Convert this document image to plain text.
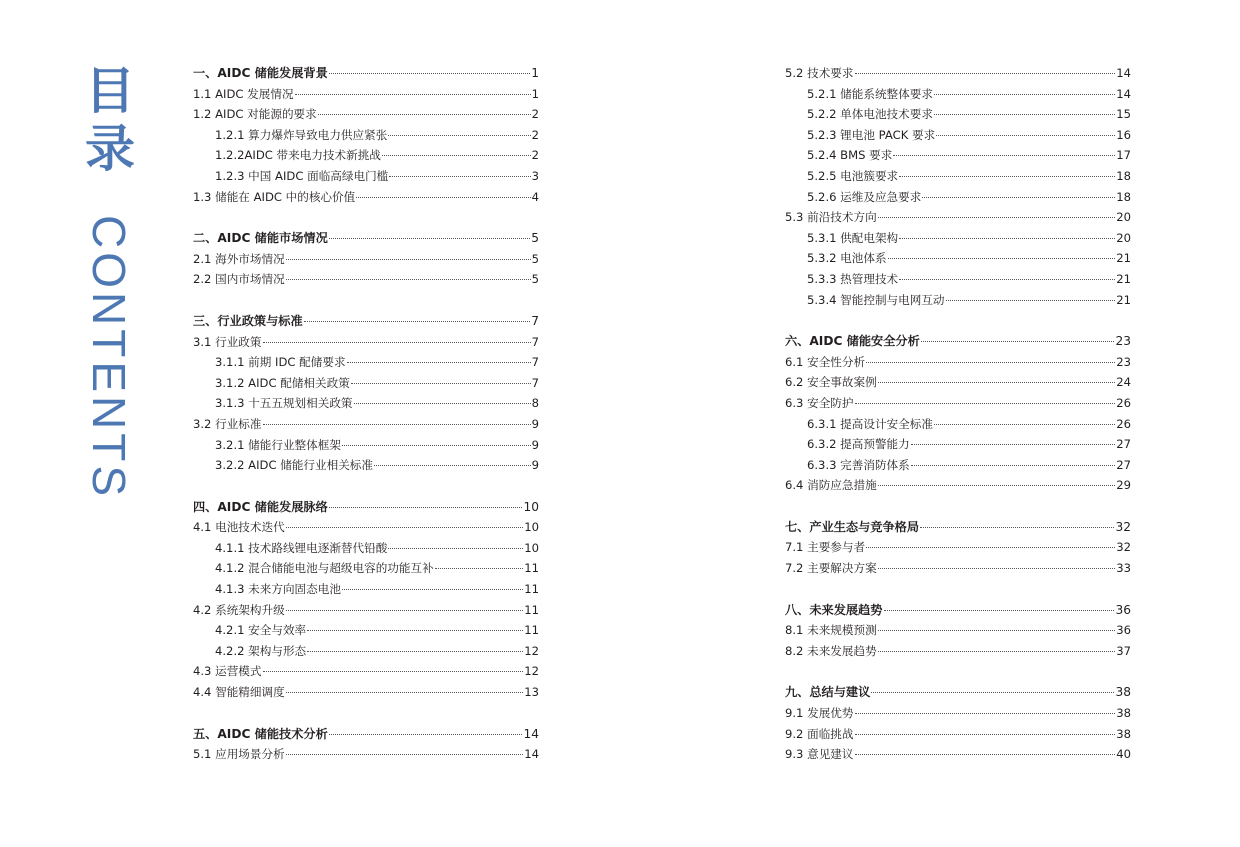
目
录
CONTENTS
一、AIDC 储能发展背景	1
1.1 AIDC 发展情况	1
1.2 AIDC 对能源的要求	2
1.2.1 算力爆炸导致电力供应紧张	2
1.2.2AIDC 带来电力技术新挑战	2
1.2.3 中国 AIDC 面临高绿电门槛	3
1.3 储能在 AIDC 中的核心价值	4
二、AIDC 储能市场情况	5
2.1 海外市场情况	5
2.2 国内市场情况	5
三、行业政策与标准	7
3.1 行业政策	7
3.1.1 前期 IDC 配储要求	7
3.1.2 AIDC 配储相关政策	7
3.1.3 十五五规划相关政策	8
3.2 行业标准	9
3.2.1 储能行业整体框架	9
3.2.2 AIDC 储能行业相关标准	9
四、AIDC 储能发展脉络	10
4.1 电池技术迭代	10
4.1.1 技术路线锂电逐渐替代铅酸	10
4.1.2 混合储能电池与超级电容的功能互补	11
4.1.3 未来方向固态电池	11
4.2 系统架构升级	11
4.2.1 安全与效率	11
4.2.2 架构与形态	12
4.3 运营模式	12
4.4 智能精细调度	13
五、AIDC 储能技术分析	14
5.1 应用场景分析	14
5.2 技术要求	14
5.2.1 储能系统整体要求	14
5.2.2 单体电池技术要求	15
5.2.3 锂电池 PACK 要求	16
5.2.4 BMS 要求	17
5.2.5 电池簇要求	18
5.2.6 运维及应急要求	18
5.3 前沿技术方向	20
5.3.1 供配电架构	20
5.3.2 电池体系	21
5.3.3 热管理技术	21
5.3.4 智能控制与电网互动	21
六、AIDC 储能安全分析	23
6.1 安全性分析	23
6.2 安全事故案例	24
6.3 安全防护	26
6.3.1 提高设计安全标准	26
6.3.2 提高预警能力	27
6.3.3 完善消防体系	27
6.4 消防应急措施	29
七、产业生态与竞争格局	32
7.1 主要参与者	32
7.2 主要解决方案	33
八、未来发展趋势	36
8.1 未来规模预测	36
8.2 未来发展趋势	37
九、总结与建议	38
9.1 发展优势	38
9.2 面临挑战	38
9.3 意见建议	40
